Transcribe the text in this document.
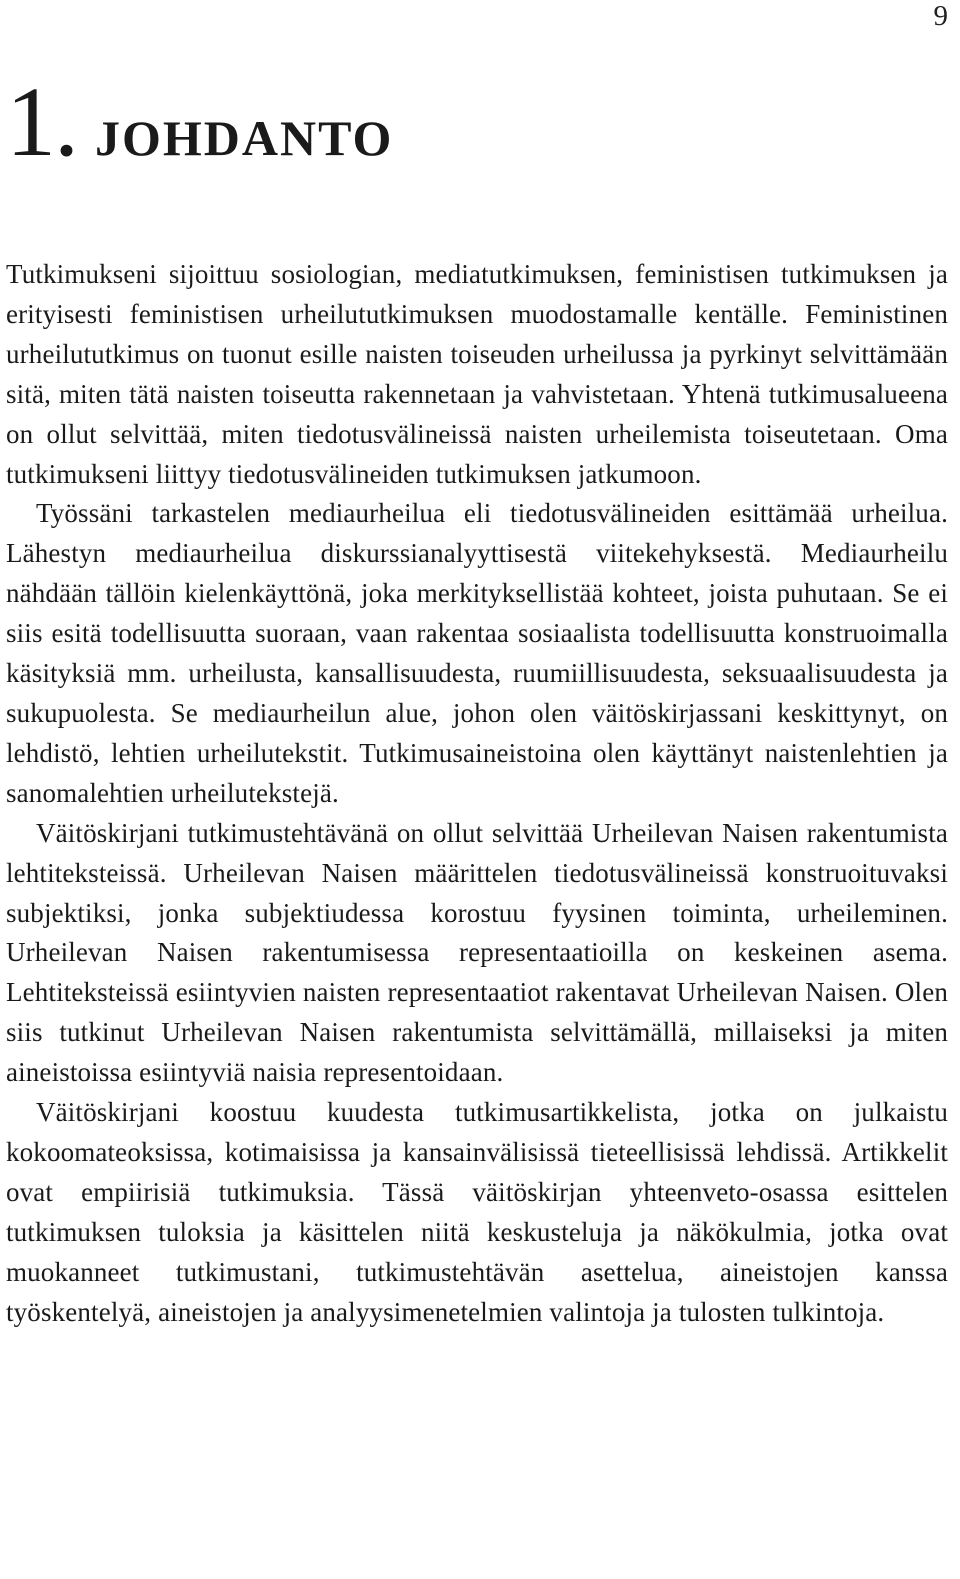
9
1. JOHDANTO

Tutkimukseni sijoittuu sosiologian, mediatutkimuksen, feministisen tutkimuksen ja erityisesti feministisen urheilututkimuksen muodostamalle kentälle. Feministinen urheilututkimus on tuonut esille naisten toiseuden urheilussa ja pyrkinyt selvittämään sitä, miten tätä naisten toiseutta rakennetaan ja vahvistetaan. Yhtenä tutkimusalueena on ollut selvittää, miten tiedotusvälineissä naisten urheilemista toiseutetaan. Oma tutkimukseni liittyy tiedotusvälineiden tutkimuksen jatkumoon.

Työssäni tarkastelen mediaurheilua eli tiedotusvälineiden esittämää urheilua. Lähestyn mediaurheilua diskurssianalyyttisestä viitekehyksestä. Mediaurheilu nähdään tällöin kielenkäyttönä, joka merkityksellistää kohteet, joista puhutaan. Se ei siis esitä todellisuutta suoraan, vaan rakentaa sosiaalista todellisuutta konstruoimalla käsityksiä mm. urheilusta, kansallisuudesta, ruumiillisuudesta, seksuaalisuudesta ja sukupuolesta. Se mediaurheilun alue, johon olen väitöskirjassani keskittynyt, on lehdistö, lehtien urheilutekstit. Tutkimusaineistoina olen käyttänyt naistenlehtien ja sanomalehtien urheilutekstejä.

Väitöskirjani tutkimustehtävänä on ollut selvittää Urheilevan Naisen rakentumista lehtiteksteissä. Urheilevan Naisen määrittelen tiedotusvälineissä konstruoituvaksi subjektiksi, jonka subjektiudessa korostuu fyysinen toiminta, urheileminen. Urheilevan Naisen rakentumisessa representaatioilla on keskeinen asema. Lehtiteksteissä esiintyvien naisten representaatiot rakentavat Urheilevan Naisen. Olen siis tutkinut Urheilevan Naisen rakentumista selvittämällä, millaiseksi ja miten aineistoissa esiintyviä naisia representoidaan.

Väitöskirjani koostuu kuudesta tutkimusartikkelista, jotka on julkaistu kokoomateoksissa, kotimaisissa ja kansainvälisissä tieteellisissä lehdissä. Artikkelit ovat empiirisiä tutkimuksia. Tässä väitöskirjan yhteenveto-osassa esittelen tutkimuksen tuloksia ja käsittelen niitä keskusteluja ja näkökulmia, jotka ovat muokanneet tutkimustani, tutkimustehtävän asettelua, aineistojen kanssa työskentelyä, aineistojen ja analyysimenetelmien valintoja ja tulosten tulkintoja.
